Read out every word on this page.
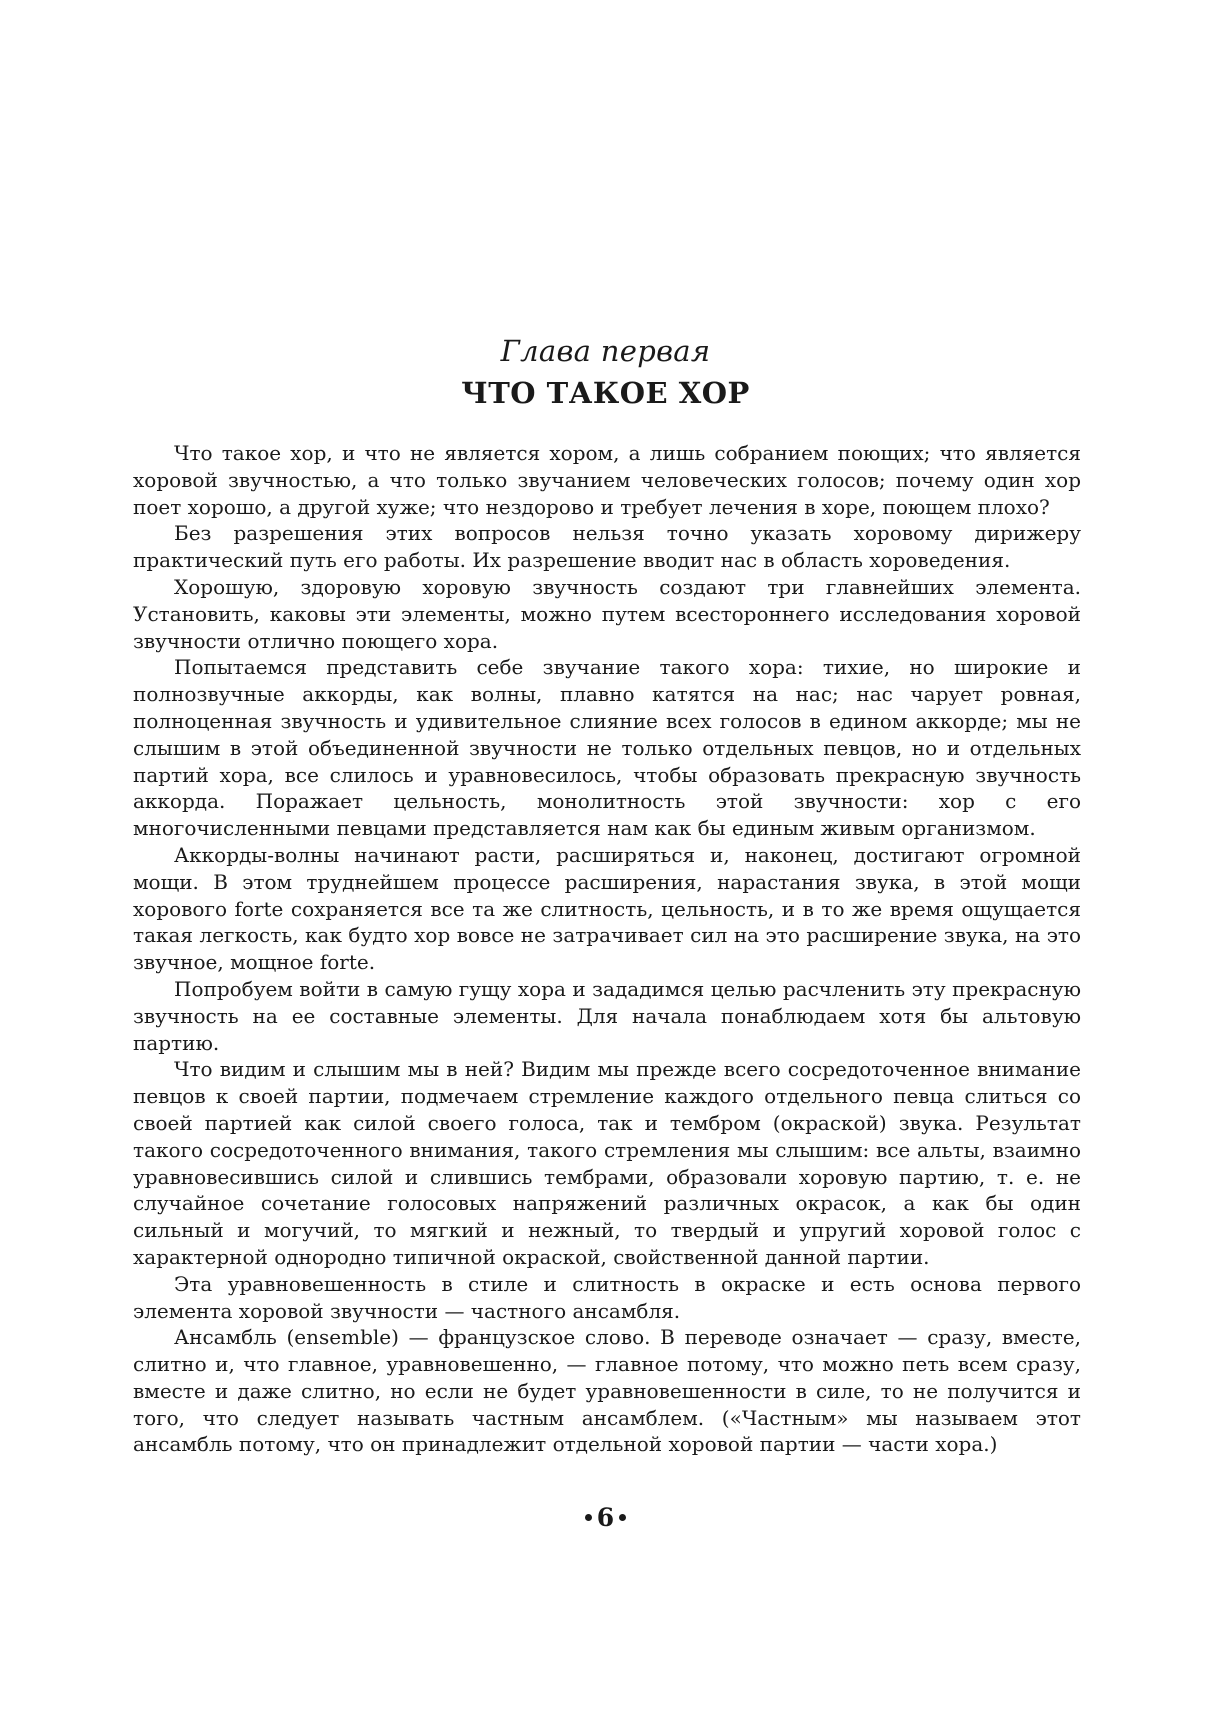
Глава первая
ЧТО ТАКОЕ ХОР

Что такое хор, и что не является хором, а лишь собранием поющих; что является хоровой звучностью, а что только звучанием человеческих голосов; почему один хор поет хорошо, а другой хуже; что нездорово и требует лечения в хоре, поющем плохо?

Без разрешения этих вопросов нельзя точно указать хоровому дирижеру практический путь его работы. Их разрешение вводит нас в область хороведения.

Хорошую, здоровую хоровую звучность создают три главнейших элемента. Установить, каковы эти элементы, можно путем всестороннего исследования хоровой звучности отлично поющего хора.

Попытаемся представить себе звучание такого хора: тихие, но широкие и полнозвучные аккорды, как волны, плавно катятся на нас; нас чарует ровная, полноценная звучность и удивительное слияние всех голосов в едином аккорде; мы не слышим в этой объединенной звучности не только отдельных певцов, но и отдельных партий хора, все слилось и уравновесилось, чтобы образовать прекрасную звучность аккорда. Поражает цельность, монолитность этой звучности: хор с его многочисленными певцами представляется нам как бы единым живым организмом.

Аккорды-волны начинают расти, расширяться и, наконец, достигают огромной мощи. В этом труднейшем процессе расширения, нарастания звука, в этой мощи хорового forte сохраняется все та же слитность, цельность, и в то же время ощущается такая легкость, как будто хор вовсе не затрачивает сил на это расширение звука, на это звучное, мощное forte.

Попробуем войти в самую гущу хора и зададимся целью расчленить эту прекрасную звучность на ее составные элементы. Для начала понаблюдаем хотя бы альтовую партию.

Что видим и слышим мы в ней? Видим мы прежде всего сосредоточенное внимание певцов к своей партии, подмечаем стремление каждого отдельного певца слиться со своей партией как силой своего голоса, так и тембром (окраской) звука. Результат такого сосредоточенного внимания, такого стремления мы слышим: все альты, взаимно уравновесившись силой и слившись тембрами, образовали хоровую партию, т. е. не случайное сочетание голосовых напряжений различных окрасок, а как бы один сильный и могучий, то мягкий и нежный, то твердый и упругий хоровой голос с характерной однородно типичной окраской, свойственной данной партии.

Эта уравновешенность в стиле и слитность в окраске и есть основа первого элемента хоровой звучности — частного ансамбля.

Ансамбль (ensemble) — французское слово. В переводе означает — сразу, вместе, слитно и, что главное, уравновешенно, — главное потому, что можно петь всем сразу, вместе и даже слитно, но если не будет уравновешенности в силе, то не получится и того, что следует называть частным ансамблем. («Частным» мы называем этот ансамбль потому, что он принадлежит отдельной хоровой партии — части хора.)

6
